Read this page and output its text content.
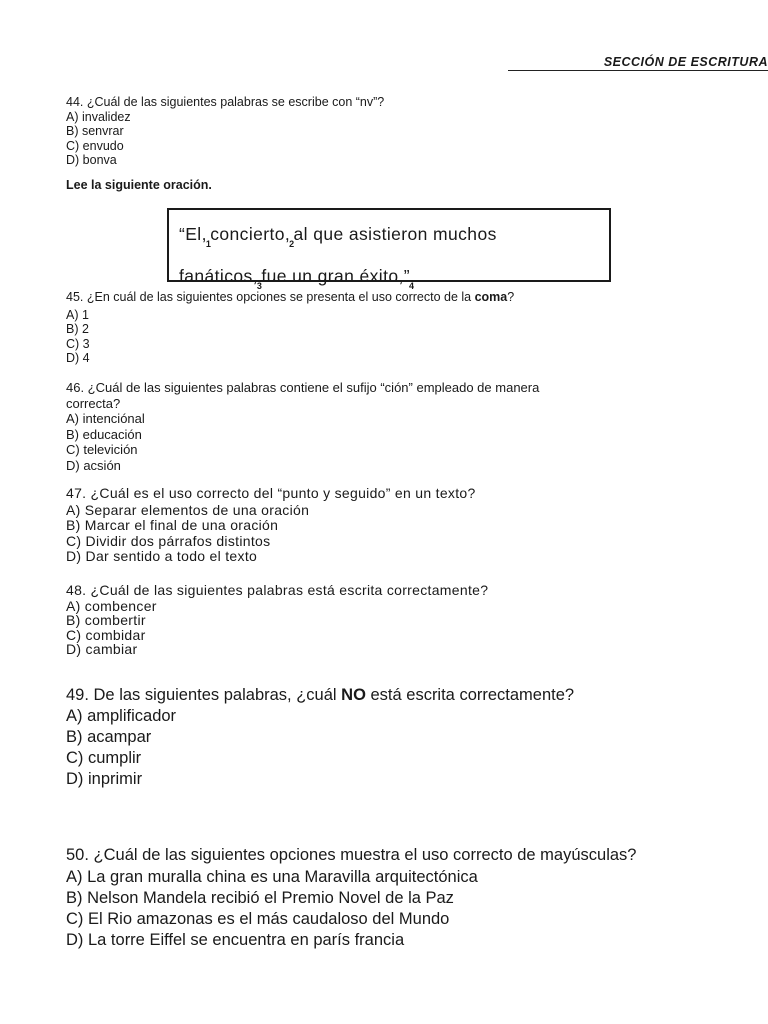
SECCIÓN DE ESCRITURA

44. ¿Cuál de las siguientes palabras se escribe con “nv”?

A) invalidez

B) senvrar

C) envudo

D) bonva

Lee la siguiente oración.
“$El,_1concierto,_2al$ que asistieron muchos
$fanáticos,_3fue$ un gran $éxito,”_4$

45. ¿En cuál de las siguientes opciones se presenta el uso correcto de la coma?

A) 1

B) 2

C) 3

D) 4

46. ¿Cuál de las siguientes palabras contiene el sufijo “ción” empleado de manera

correcta?

A) intenciónal

B) educación

C) televición

D) acsión

47. ¿Cuál es el uso correcto del “punto y seguido” en un texto?

A) Separar elementos de una oración

B) Marcar el final de una oración

C) Dividir dos párrafos distintos

D) Dar sentido a todo el texto

48. ¿Cuál de las siguientes palabras está escrita correctamente?

A) combencer

B) combertir

C) combidar

D) cambiar

49. De las siguientes palabras, ¿cuál NO está escrita correctamente?

A) amplificador

B) acampar

C) cumplir

D) inprimir

50. ¿Cuál de las siguientes opciones muestra el uso correcto de mayúsculas?

A) La gran muralla china es una Maravilla arquitectónica

B) Nelson Mandela recibió el Premio Novel de la Paz

C) El Rio amazonas es el más caudaloso del Mundo

D) La torre Eiffel se encuentra en parís francia
